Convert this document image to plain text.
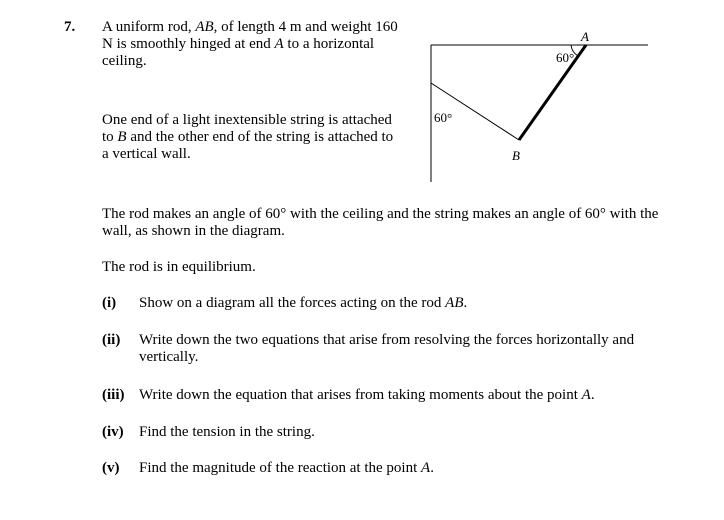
7. A uniform rod, AB, of length 4 m and weight 160 N is smoothly hinged at end A to a horizontal ceiling.
One end of a light inextensible string is attached to B and the other end of the string is attached to a vertical wall.
A
B
60°
60°
The rod makes an angle of 60° with the ceiling and the string makes an angle of 60° with the wall, as shown in the diagram.
The rod is in equilibrium.
(i) Show on a diagram all the forces acting on the rod AB.
(ii) Write down the two equations that arise from resolving the forces horizontally and vertically.
(iii) Write down the equation that arises from taking moments about the point A.
(iv) Find the tension in the string.
(v) Find the magnitude of the reaction at the point A.
